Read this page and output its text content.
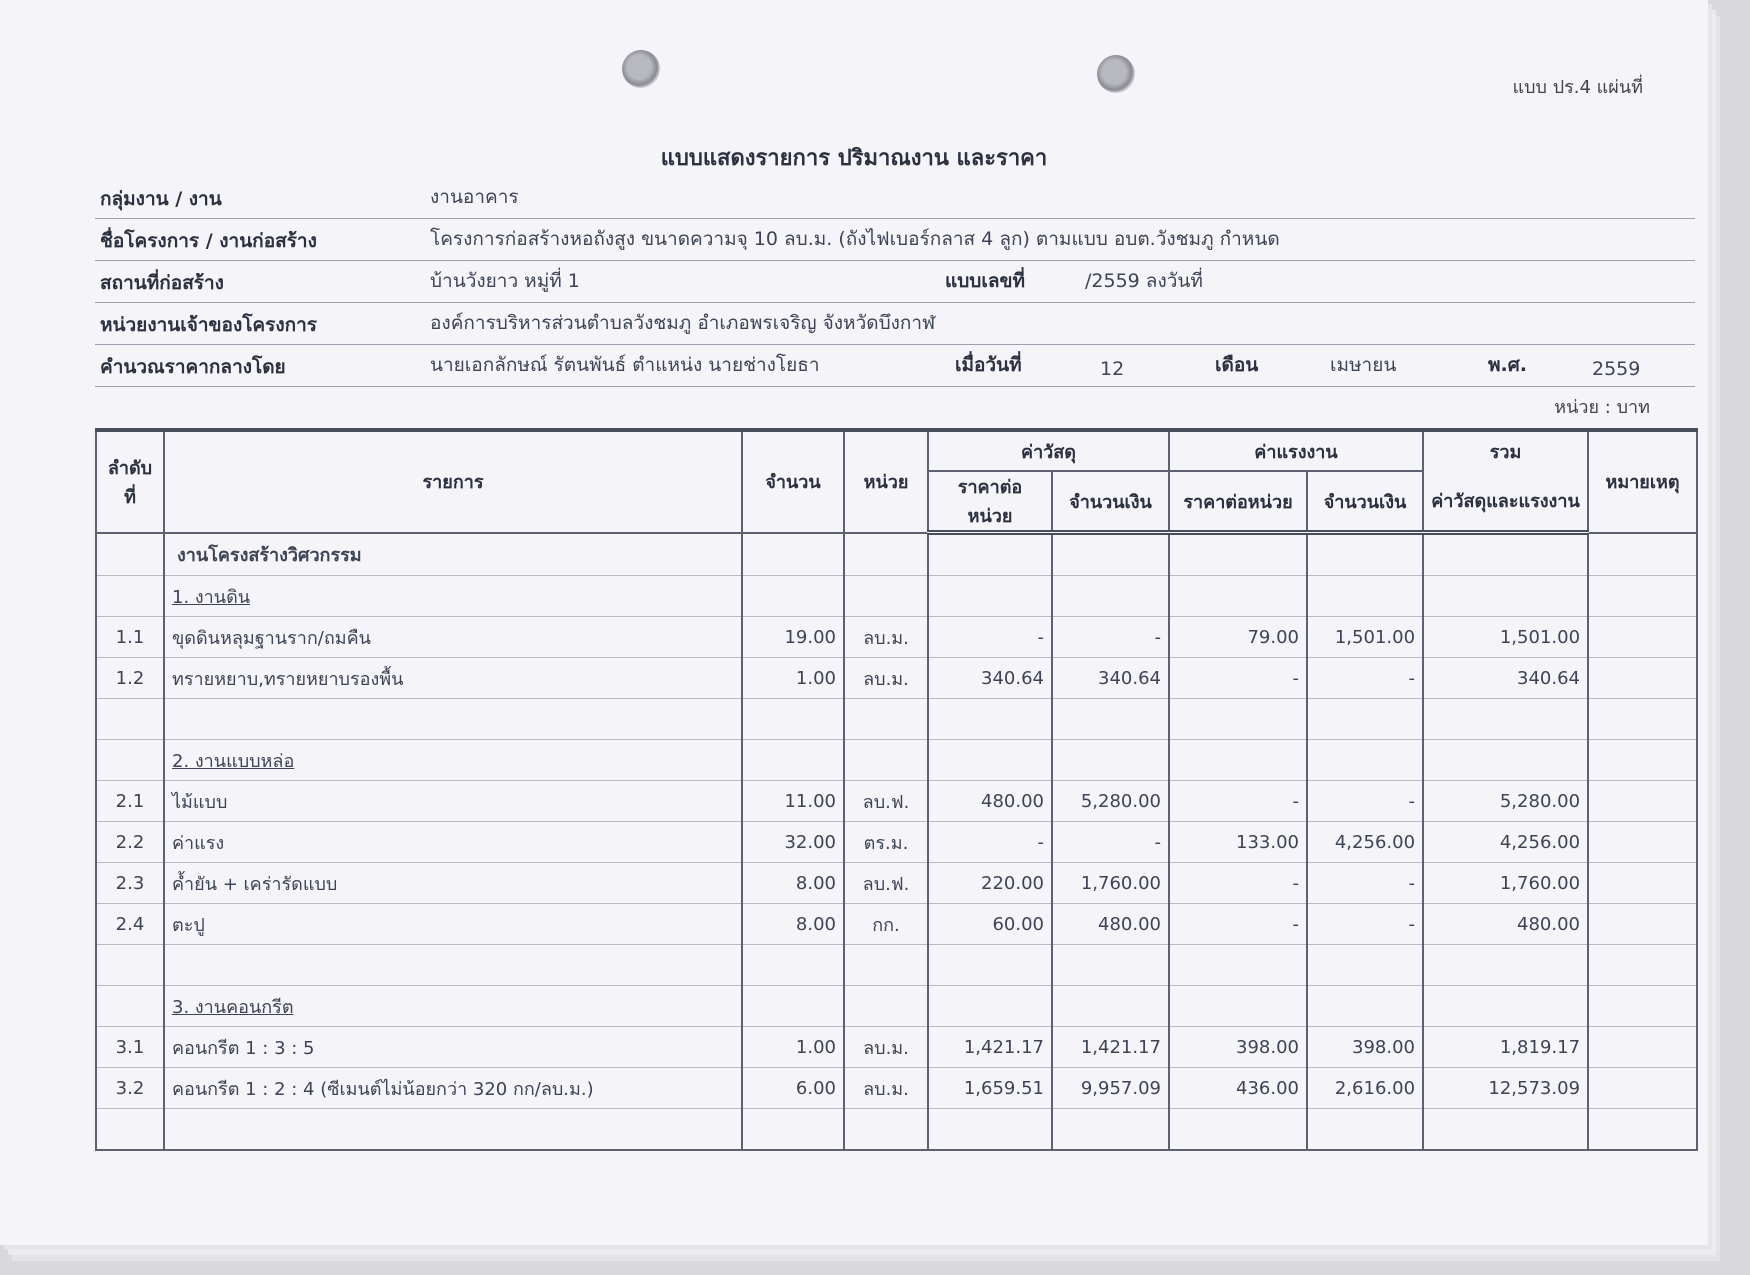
แบบ ปร.4 แผ่นที่
แบบแสดงรายการ ปริมาณงาน และราคา
กลุ่มงาน / งาน	งานอาคาร
ชื่อโครงการ / งานก่อสร้าง	โครงการก่อสร้างหอถังสูง ขนาดความจุ 10 ลบ.ม. (ถังไฟเบอร์กลาส 4 ลูก) ตามแบบ อบต.วังชมภู กำหนด
สถานที่ก่อสร้าง	บ้านวังยาว หมู่ที่ 1	แบบเลขที่	/2559 ลงวันที่
หน่วยงานเจ้าของโครงการ	องค์การบริหารส่วนตำบลวังชมภู อำเภอพรเจริญ จังหวัดบึงกาฬ
คำนวณราคากลางโดย	นายเอกลักษณ์ รัตนพันธ์ ตำแหน่ง นายช่างโยธา	เมื่อวันที่	12	เดือน	เมษายน	พ.ศ.	2559
หน่วย : บาท
ลำดับที่	รายการ	จำนวน	หน่วย	ค่าวัสดุ		ค่าแรงงาน		รวม	หมายเหตุ
				ราคาต่อหน่วย	จำนวนเงิน	ราคาต่อหน่วย	จำนวนเงิน	ค่าวัสดุและแรงงาน	
	งานโครงสร้างวิศวกรรม								
	1. งานดิน								
1.1	ขุดดินหลุมฐานราก/ถมคืน	19.00	ลบ.ม.	-	-	79.00	1,501.00	1,501.00	
1.2	ทรายหยาบ,ทรายหยาบรองพื้น	1.00	ลบ.ม.	340.64	340.64	-	-	340.64	

	2. งานแบบหล่อ								
2.1	ไม้แบบ	11.00	ลบ.ฟ.	480.00	5,280.00	-	-	5,280.00	
2.2	ค่าแรง	32.00	ตร.ม.	-	-	133.00	4,256.00	4,256.00	
2.3	ค้ำยัน + เคร่ารัดแบบ	8.00	ลบ.ฟ.	220.00	1,760.00	-	-	1,760.00	
2.4	ตะปู	8.00	กก.	60.00	480.00	-	-	480.00	

	3. งานคอนกรีต								
3.1	คอนกรีต 1 : 3 : 5	1.00	ลบ.ม.	1,421.17	1,421.17	398.00	398.00	1,819.17	
3.2	คอนกรีต 1 : 2 : 4 (ซีเมนต์ไม่น้อยกว่า 320 กก/ลบ.ม.)	6.00	ลบ.ม.	1,659.51	9,957.09	436.00	2,616.00	12,573.09	
